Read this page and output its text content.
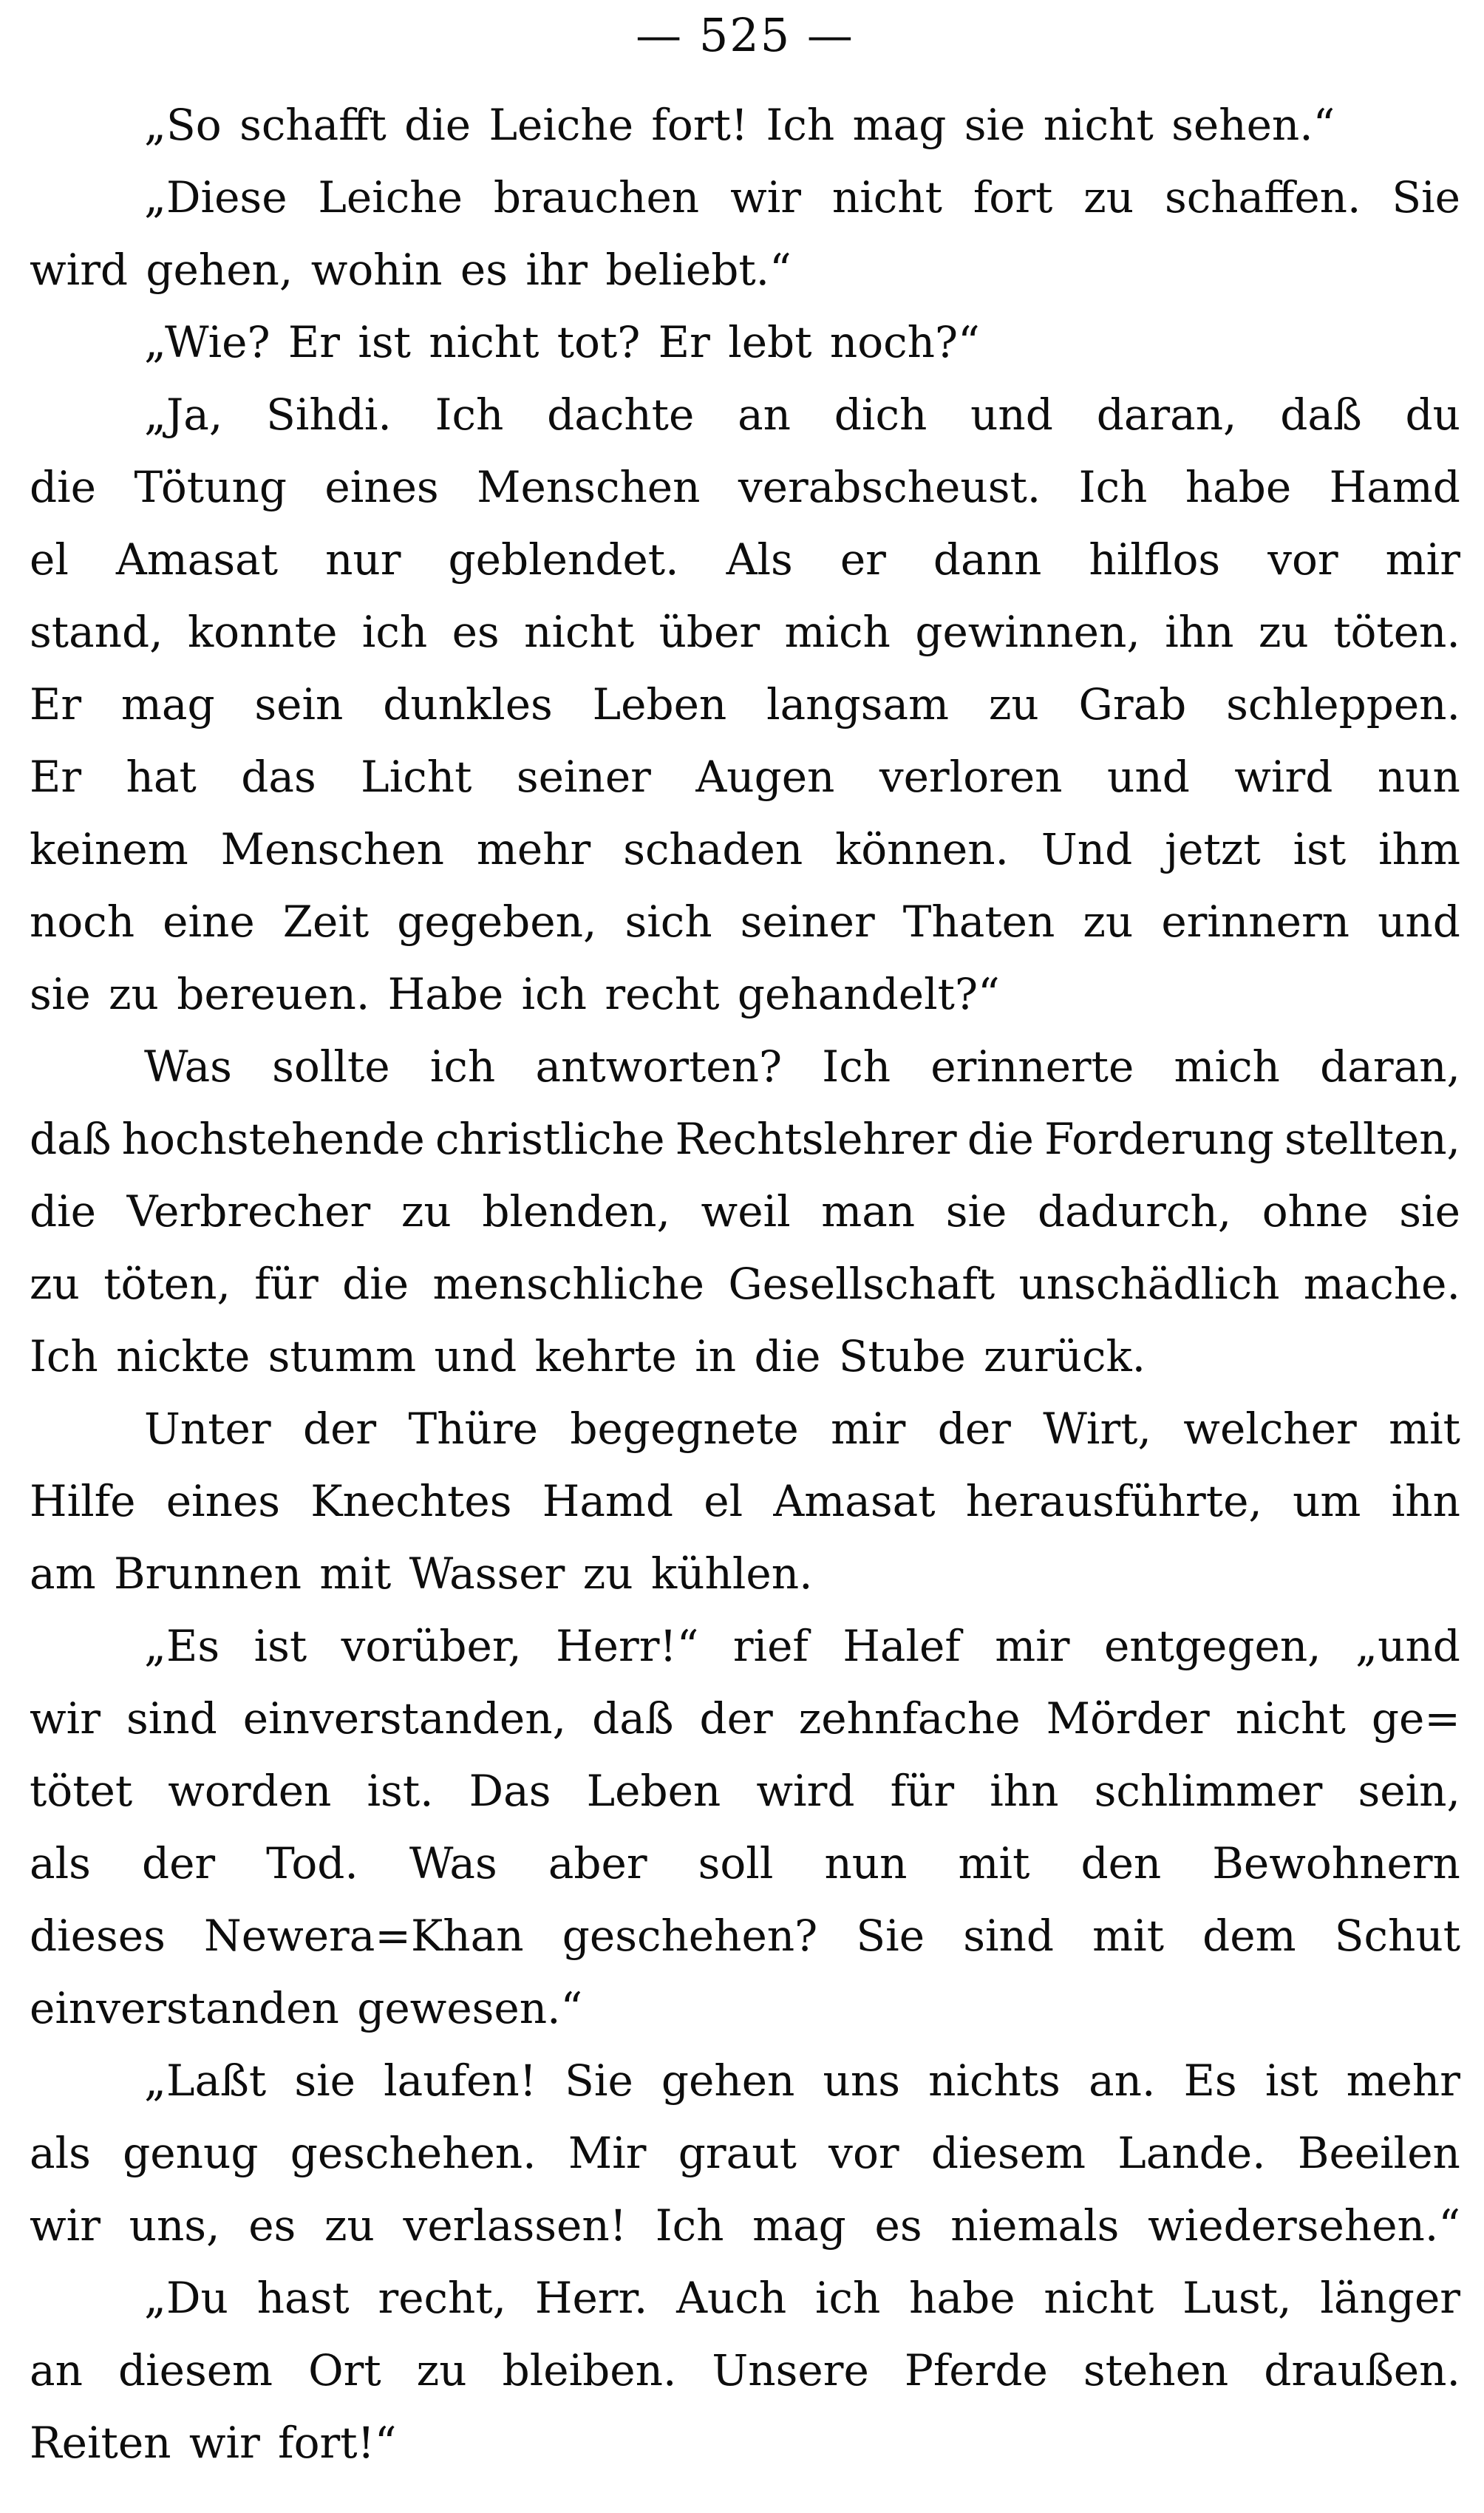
— 525 —
„So schafft die Leiche fort! Ich mag sie nicht sehen.“
„Diese Leiche brauchen wir nicht fort zu schaffen. Sie
wird gehen, wohin es ihr beliebt.“
„Wie? Er ist nicht tot? Er lebt noch?“
„Ja, Sihdi. Ich dachte an dich und daran, daß du
die Tötung eines Menschen verabscheust. Ich habe Hamd
el Amasat nur geblendet. Als er dann hilflos vor mir
stand, konnte ich es nicht über mich gewinnen, ihn zu töten.
Er mag sein dunkles Leben langsam zu Grab schleppen.
Er hat das Licht seiner Augen verloren und wird nun
keinem Menschen mehr schaden können. Und jetzt ist ihm
noch eine Zeit gegeben, sich seiner Thaten zu erinnern und
sie zu bereuen. Habe ich recht gehandelt?“
Was sollte ich antworten? Ich erinnerte mich daran,
daß hochstehende christliche Rechtslehrer die Forderung stellten,
die Verbrecher zu blenden, weil man sie dadurch, ohne sie
zu töten, für die menschliche Gesellschaft unschädlich mache.
Ich nickte stumm und kehrte in die Stube zurück.
Unter der Thüre begegnete mir der Wirt, welcher mit
Hilfe eines Knechtes Hamd el Amasat herausführte, um ihn
am Brunnen mit Wasser zu kühlen.
„Es ist vorüber, Herr!“ rief Halef mir entgegen, „und
wir sind einverstanden, daß der zehnfache Mörder nicht ge=
tötet worden ist. Das Leben wird für ihn schlimmer sein,
als der Tod. Was aber soll nun mit den Bewohnern
dieses Newera=Khan geschehen? Sie sind mit dem Schut
einverstanden gewesen.“
„Laßt sie laufen! Sie gehen uns nichts an. Es ist mehr
als genug geschehen. Mir graut vor diesem Lande. Beeilen
wir uns, es zu verlassen! Ich mag es niemals wiedersehen.“
„Du hast recht, Herr. Auch ich habe nicht Lust, länger
an diesem Ort zu bleiben. Unsere Pferde stehen draußen.
Reiten wir fort!“
